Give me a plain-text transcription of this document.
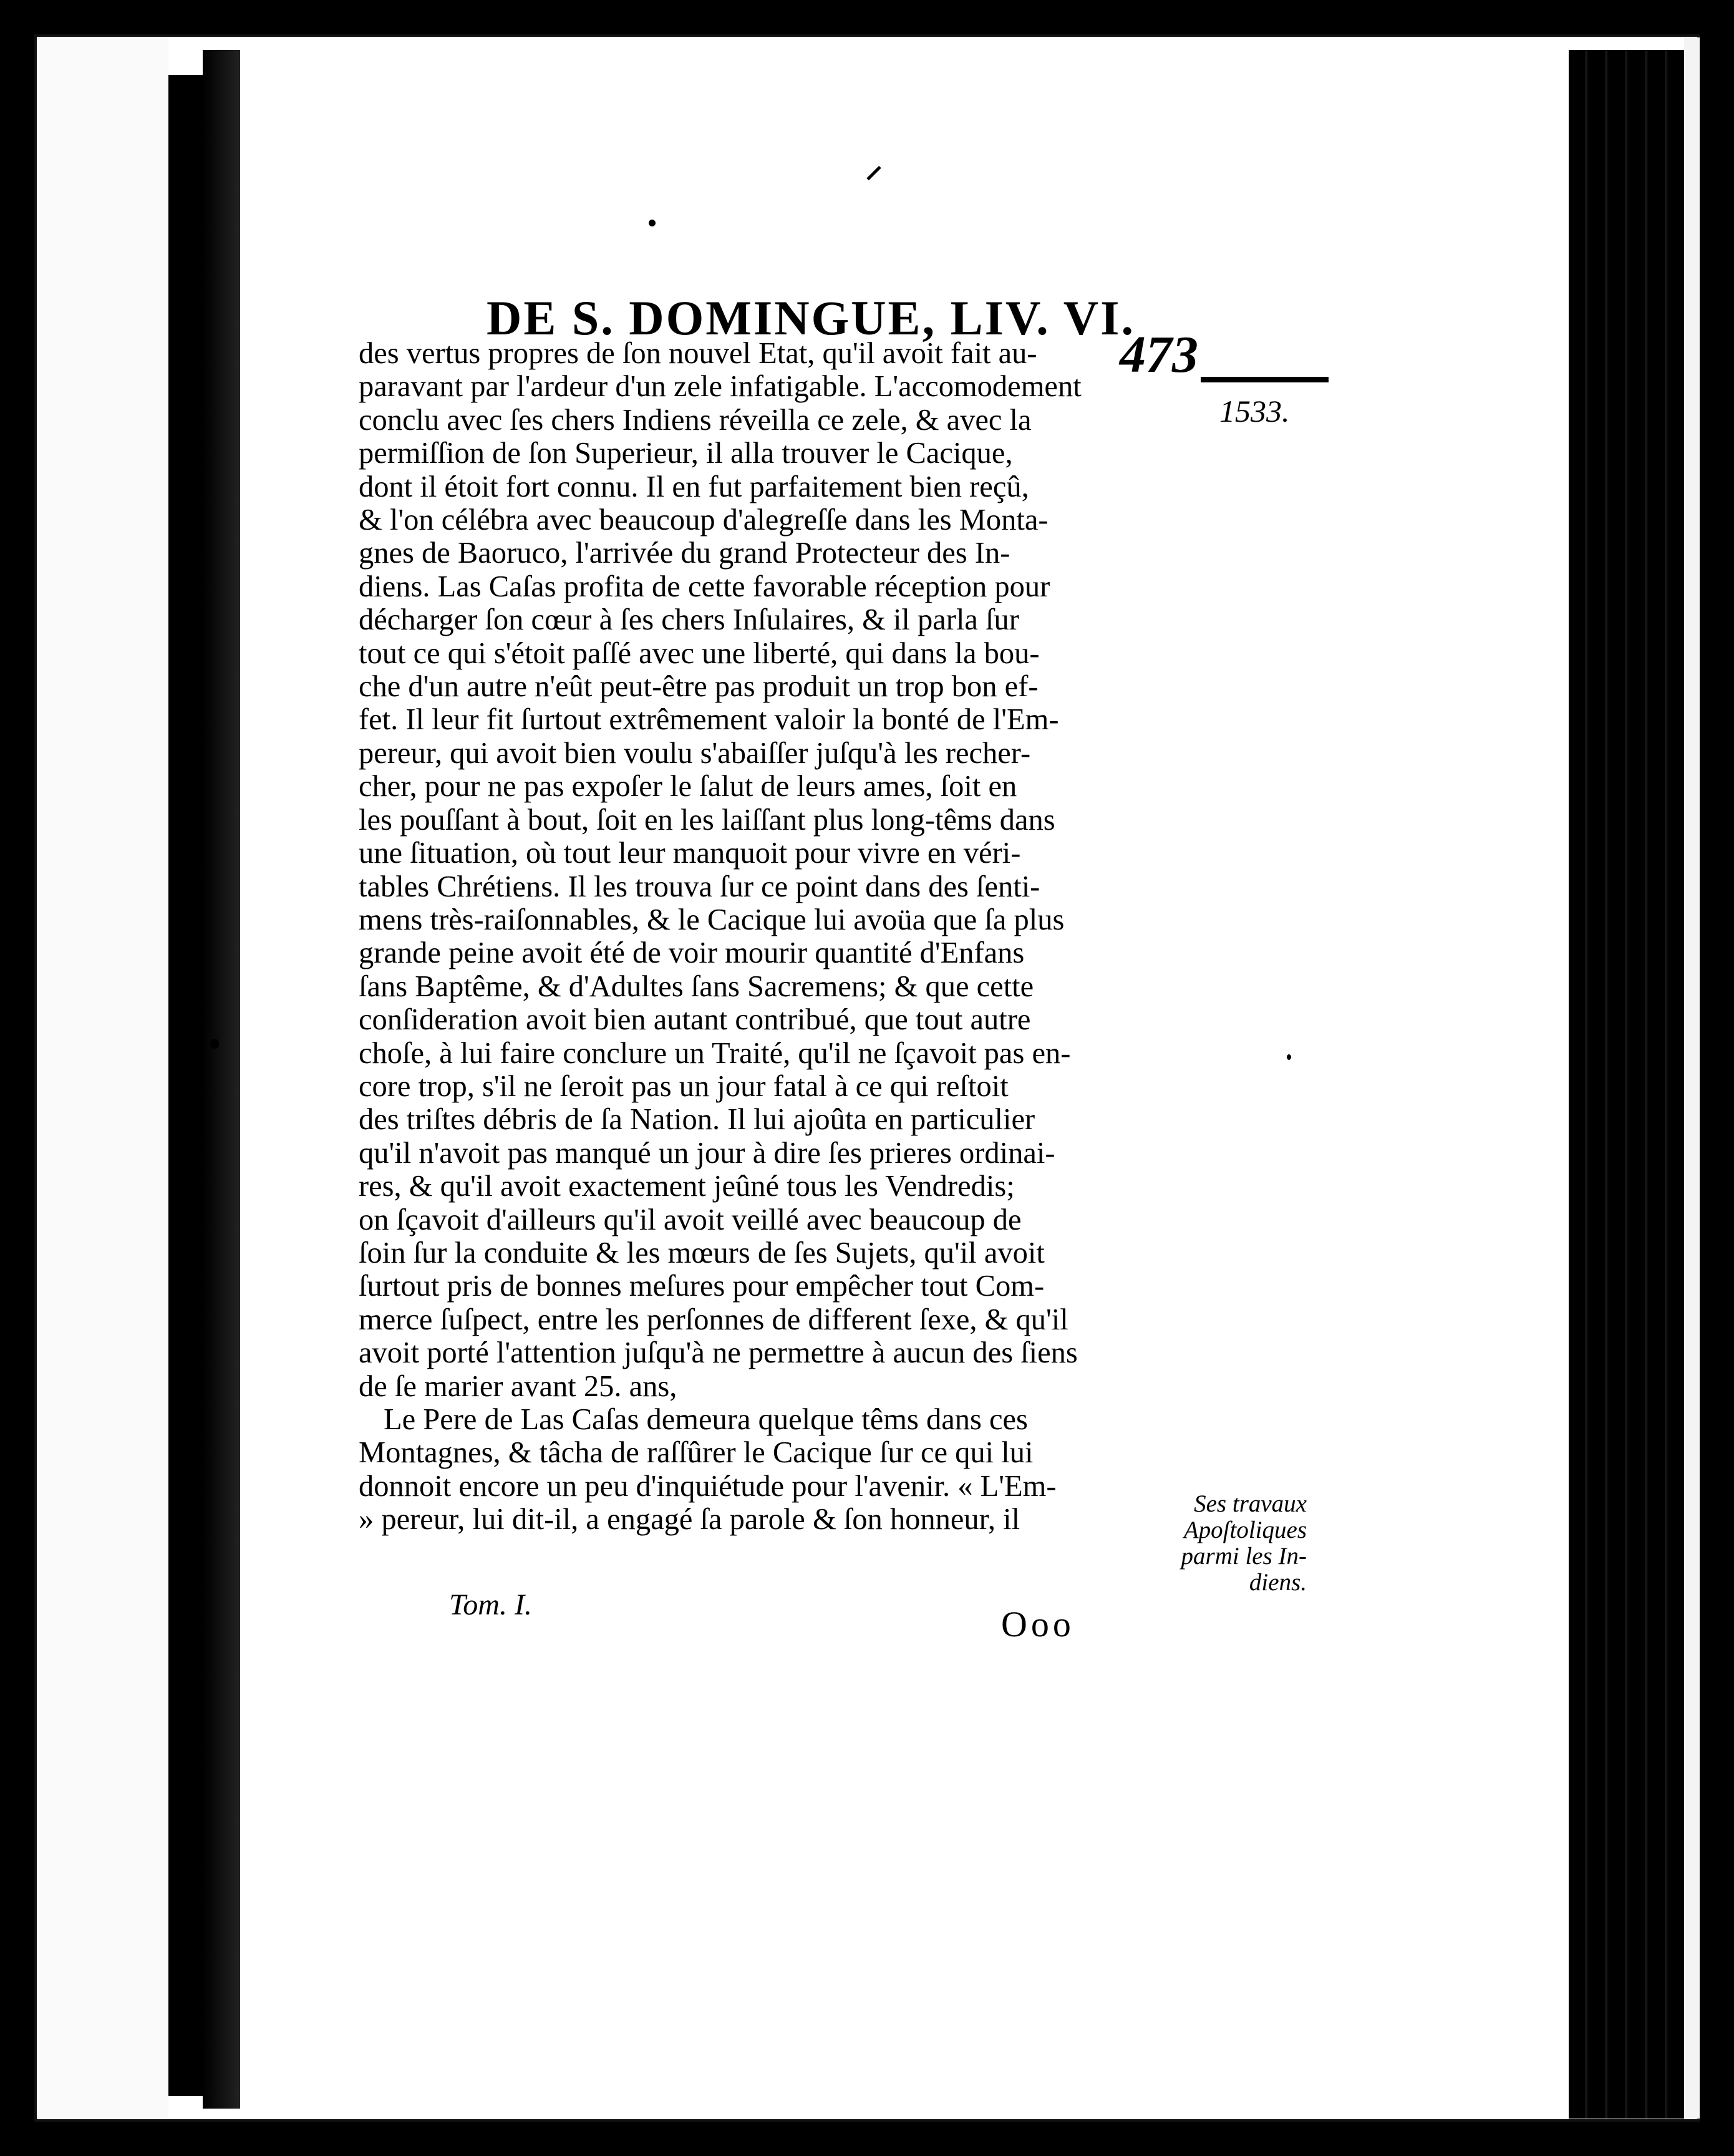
DE S. DOMINGUE, LIV. VI.
473
1533.
des vertus propres de ſon nouvel Etat, qu'il avoit fait au-
paravant par l'ardeur d'un zele infatigable. L'accomodement
conclu avec ſes chers Indiens réveilla ce zele, & avec la
permiſſion de ſon Superieur, il alla trouver le Cacique,
dont il étoit fort connu. Il en fut parfaitement bien reçû,
& l'on célébra avec beaucoup d'alegreſſe dans les Monta-
gnes de Baoruco, l'arrivée du grand Protecteur des In-
diens. Las Caſas profita de cette favorable réception pour
décharger ſon cœur à ſes chers Inſulaires, & il parla ſur
tout ce qui s'étoit paſſé avec une liberté, qui dans la bou-
che d'un autre n'eût peut-être pas produit un trop bon ef-
fet. Il leur fit ſurtout extrêmement valoir la bonté de l'Em-
pereur, qui avoit bien voulu s'abaiſſer juſqu'à les recher-
cher, pour ne pas expoſer le ſalut de leurs ames, ſoit en
les pouſſant à bout, ſoit en les laiſſant plus long-têms dans
une ſituation, où tout leur manquoit pour vivre en véri-
tables Chrétiens. Il les trouva ſur ce point dans des ſenti-
mens très-raiſonnables, & le Cacique lui avoüa que ſa plus
grande peine avoit été de voir mourir quantité d'Enfans
ſans Baptême, & d'Adultes ſans Sacremens; & que cette
conſideration avoit bien autant contribué, que tout autre
choſe, à lui faire conclure un Traité, qu'il ne ſçavoit pas en-
core trop, s'il ne ſeroit pas un jour fatal à ce qui reſtoit
des triſtes débris de ſa Nation. Il lui ajoûta en particulier
qu'il n'avoit pas manqué un jour à dire ſes prieres ordinai-
res, & qu'il avoit exactement jeûné tous les Vendredis;
on ſçavoit d'ailleurs qu'il avoit veillé avec beaucoup de
ſoin ſur la conduite & les mœurs de ſes Sujets, qu'il avoit
ſurtout pris de bonnes meſures pour empêcher tout Com-
merce ſuſpect, entre les perſonnes de different ſexe, & qu'il
avoit porté l'attention juſqu'à ne permettre à aucun des ſiens
de ſe marier avant 25. ans,
Le Pere de Las Caſas demeura quelque têms dans ces
Montagnes, & tâcha de raſſûrer le Cacique ſur ce qui lui
donnoit encore un peu d'inquiétude pour l'avenir. « L'Em-
» pereur, lui dit-il, a engagé ſa parole & ſon honneur, il	Ses travaux
Apoſtoliques
parmi les In-
diens.
Tom. I.	Ooo
